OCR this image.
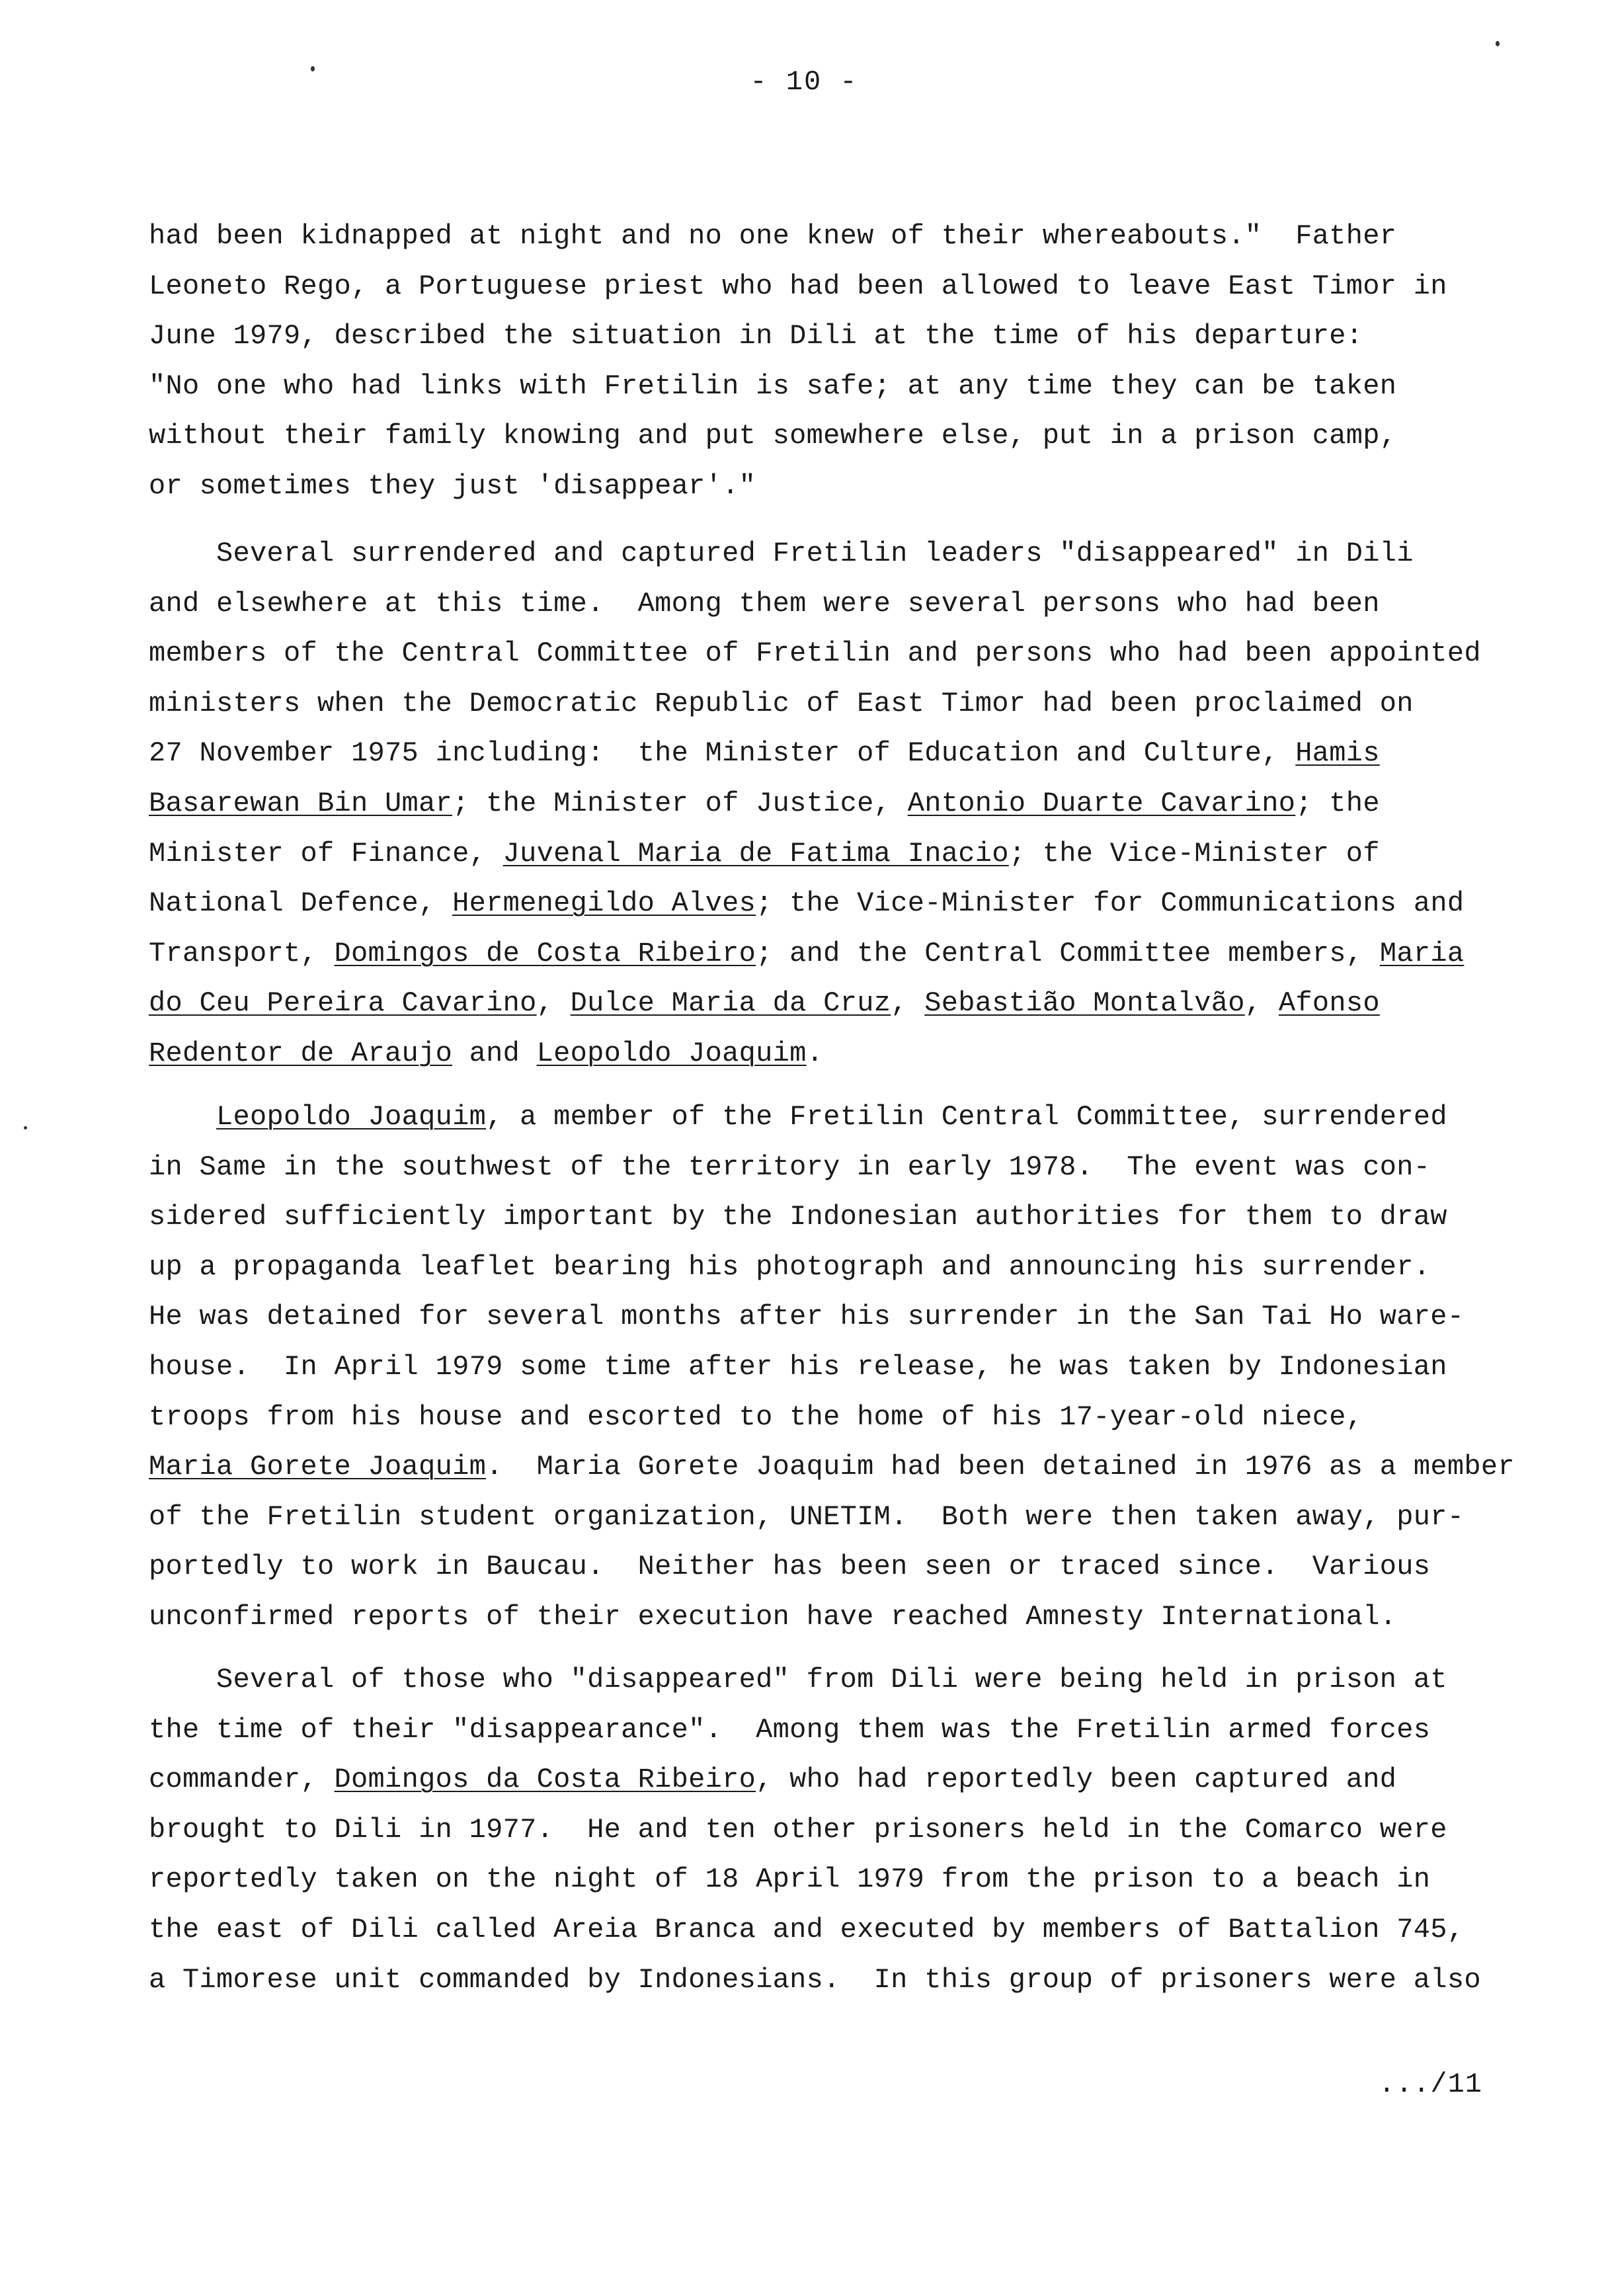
- 10 -
had been kidnapped at night and no one knew of their whereabouts."  Father
Leoneto Rego, a Portuguese priest who had been allowed to leave East Timor in
June 1979, described the situation in Dili at the time of his departure:
"No one who had links with Fretilin is safe; at any time they can be taken
without their family knowing and put somewhere else, put in a prison camp,
or sometimes they just 'disappear'."
Several surrendered and captured Fretilin leaders "disappeared" in Dili
and elsewhere at this time.  Among them were several persons who had been
members of the Central Committee of Fretilin and persons who had been appointed
ministers when the Democratic Republic of East Timor had been proclaimed on
27 November 1975 including:  the Minister of Education and Culture, Hamis
Basarewan Bin Umar; the Minister of Justice, Antonio Duarte Cavarino; the
Minister of Finance, Juvenal Maria de Fatima Inacio; the Vice-Minister of
National Defence, Hermenegildo Alves; the Vice-Minister for Communications and
Transport, Domingos de Costa Ribeiro; and the Central Committee members, Maria
do Ceu Pereira Cavarino, Dulce Maria da Cruz, Sebastião Montalvão, Afonso
Redentor de Araujo and Leopoldo Joaquim.
Leopoldo Joaquim, a member of the Fretilin Central Committee, surrendered
in Same in the southwest of the territory in early 1978.  The event was con-
sidered sufficiently important by the Indonesian authorities for them to draw
up a propaganda leaflet bearing his photograph and announcing his surrender.
He was detained for several months after his surrender in the San Tai Ho ware-
house.  In April 1979 some time after his release, he was taken by Indonesian
troops from his house and escorted to the home of his 17-year-old niece,
Maria Gorete Joaquim.  Maria Gorete Joaquim had been detained in 1976 as a member
of the Fretilin student organization, UNETIM.  Both were then taken away, pur-
portedly to work in Baucau.  Neither has been seen or traced since.  Various
unconfirmed reports of their execution have reached Amnesty International.
Several of those who "disappeared" from Dili were being held in prison at
the time of their "disappearance".  Among them was the Fretilin armed forces
commander, Domingos da Costa Ribeiro, who had reportedly been captured and
brought to Dili in 1977.  He and ten other prisoners held in the Comarco were
reportedly taken on the night of 18 April 1979 from the prison to a beach in
the east of Dili called Areia Branca and executed by members of Battalion 745,
a Timorese unit commanded by Indonesians.  In this group of prisoners were also
.../11
